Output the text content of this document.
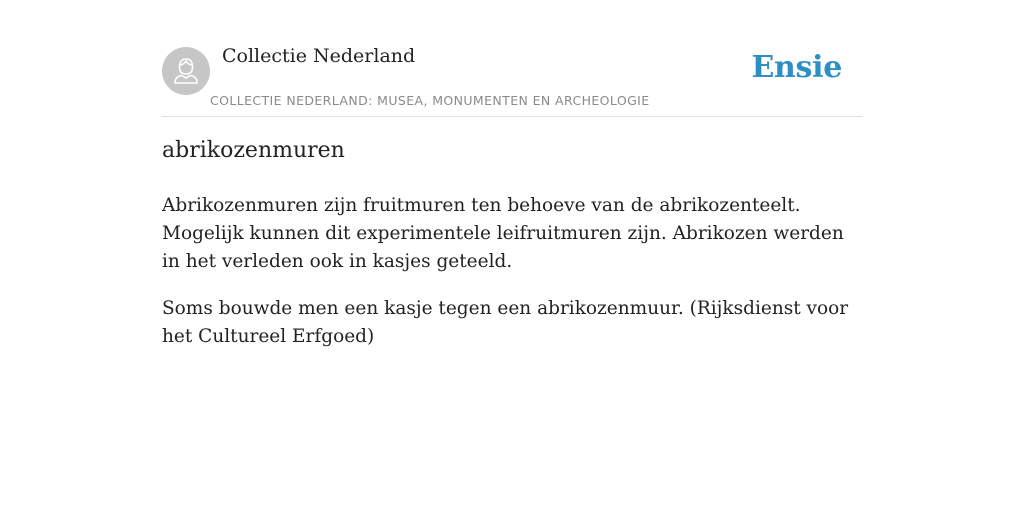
Collectie Nederland
COLLECTIE NEDERLAND: MUSEA, MONUMENTEN EN ARCHEOLOGIE
Ensie
abrikozenmuren

Abrikozenmuren zijn fruitmuren ten behoeve van de abrikozenteelt. Mogelijk kunnen dit experimentele leifruitmuren zijn. Abrikozen werden in het verleden ook in kasjes geteeld.

Soms bouwde men een kasje tegen een abrikozenmuur. (Rijksdienst voor het Cultureel Erfgoed)
